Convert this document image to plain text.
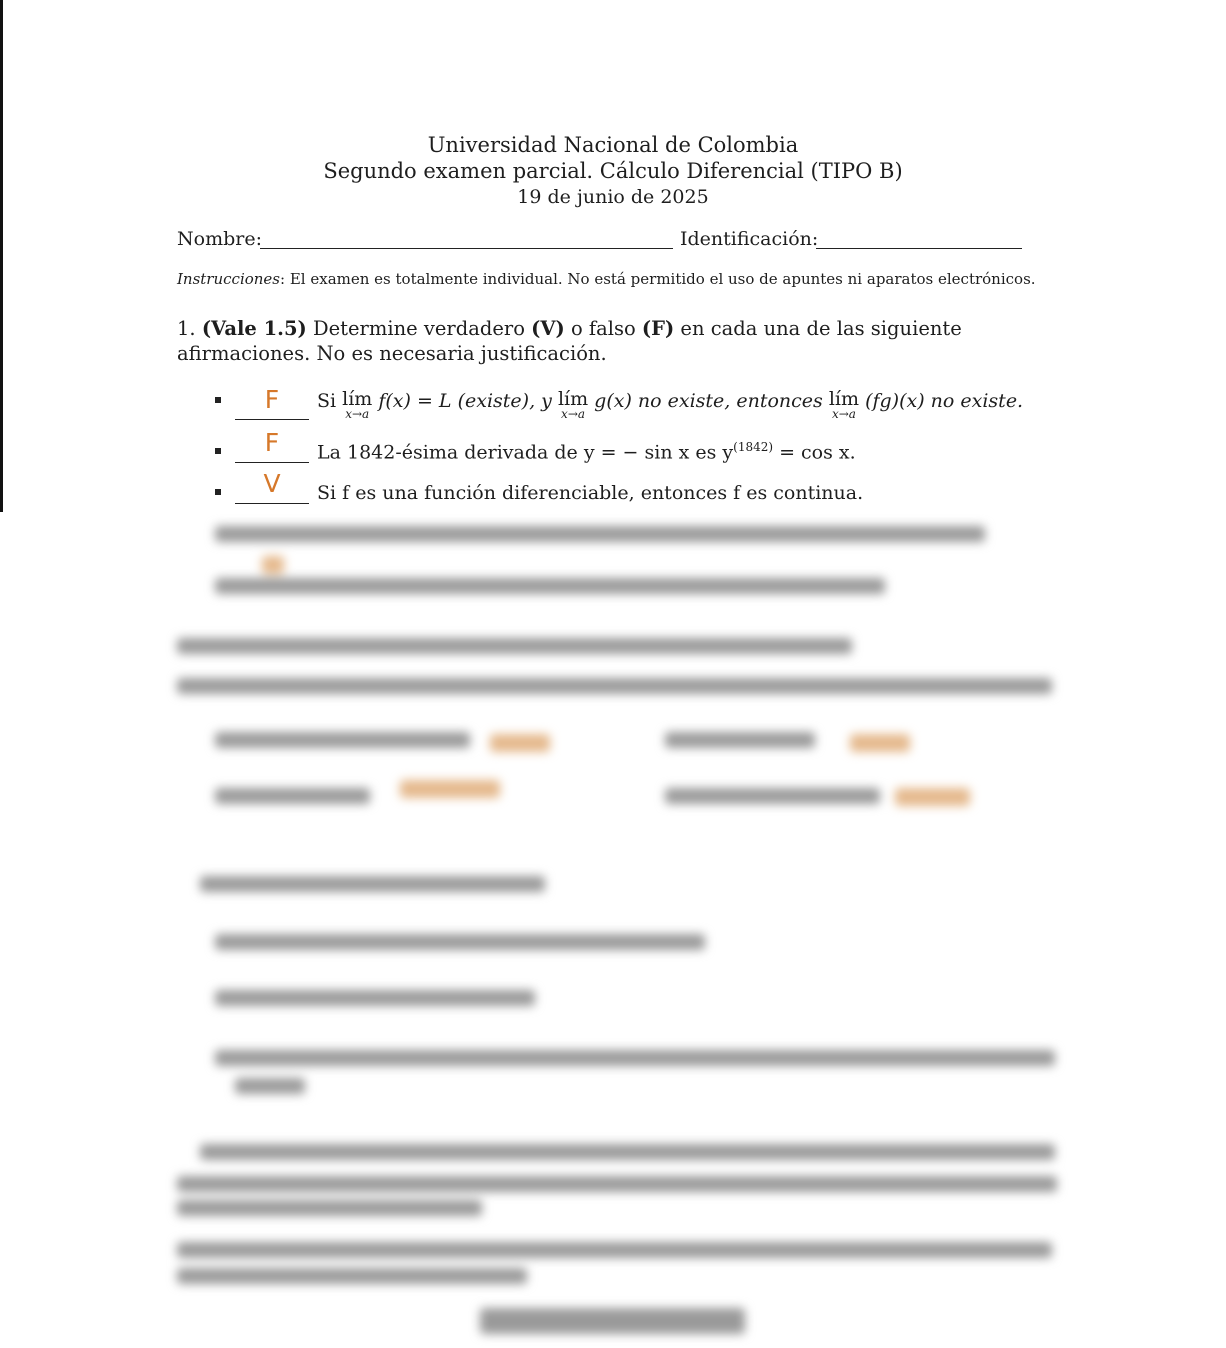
Universidad Nacional de Colombia
Segundo examen parcial. Cálculo Diferencial (TIPO B)
19 de junio de 2025
Nombre:	Identificación:
Instrucciones: El examen es totalmente individual. No está permitido el uso de apuntes ni aparatos electrónicos.
1. (Vale 1.5) Determine verdadero (V) o falso (F) en cada una de las siguiente afirmaciones. No es necesaria justificación.
F	Si lím
x→a
f(x) = L (existe), y lím
x→a
g(x) no existe, entonces lím
x→a
(fg)(x) no existe.
F	La 1842-ésima derivada de y = − sin x es $y^{(1842)} = \cos x$.
V	Si f es una función diferenciable, entonces f es continua.
